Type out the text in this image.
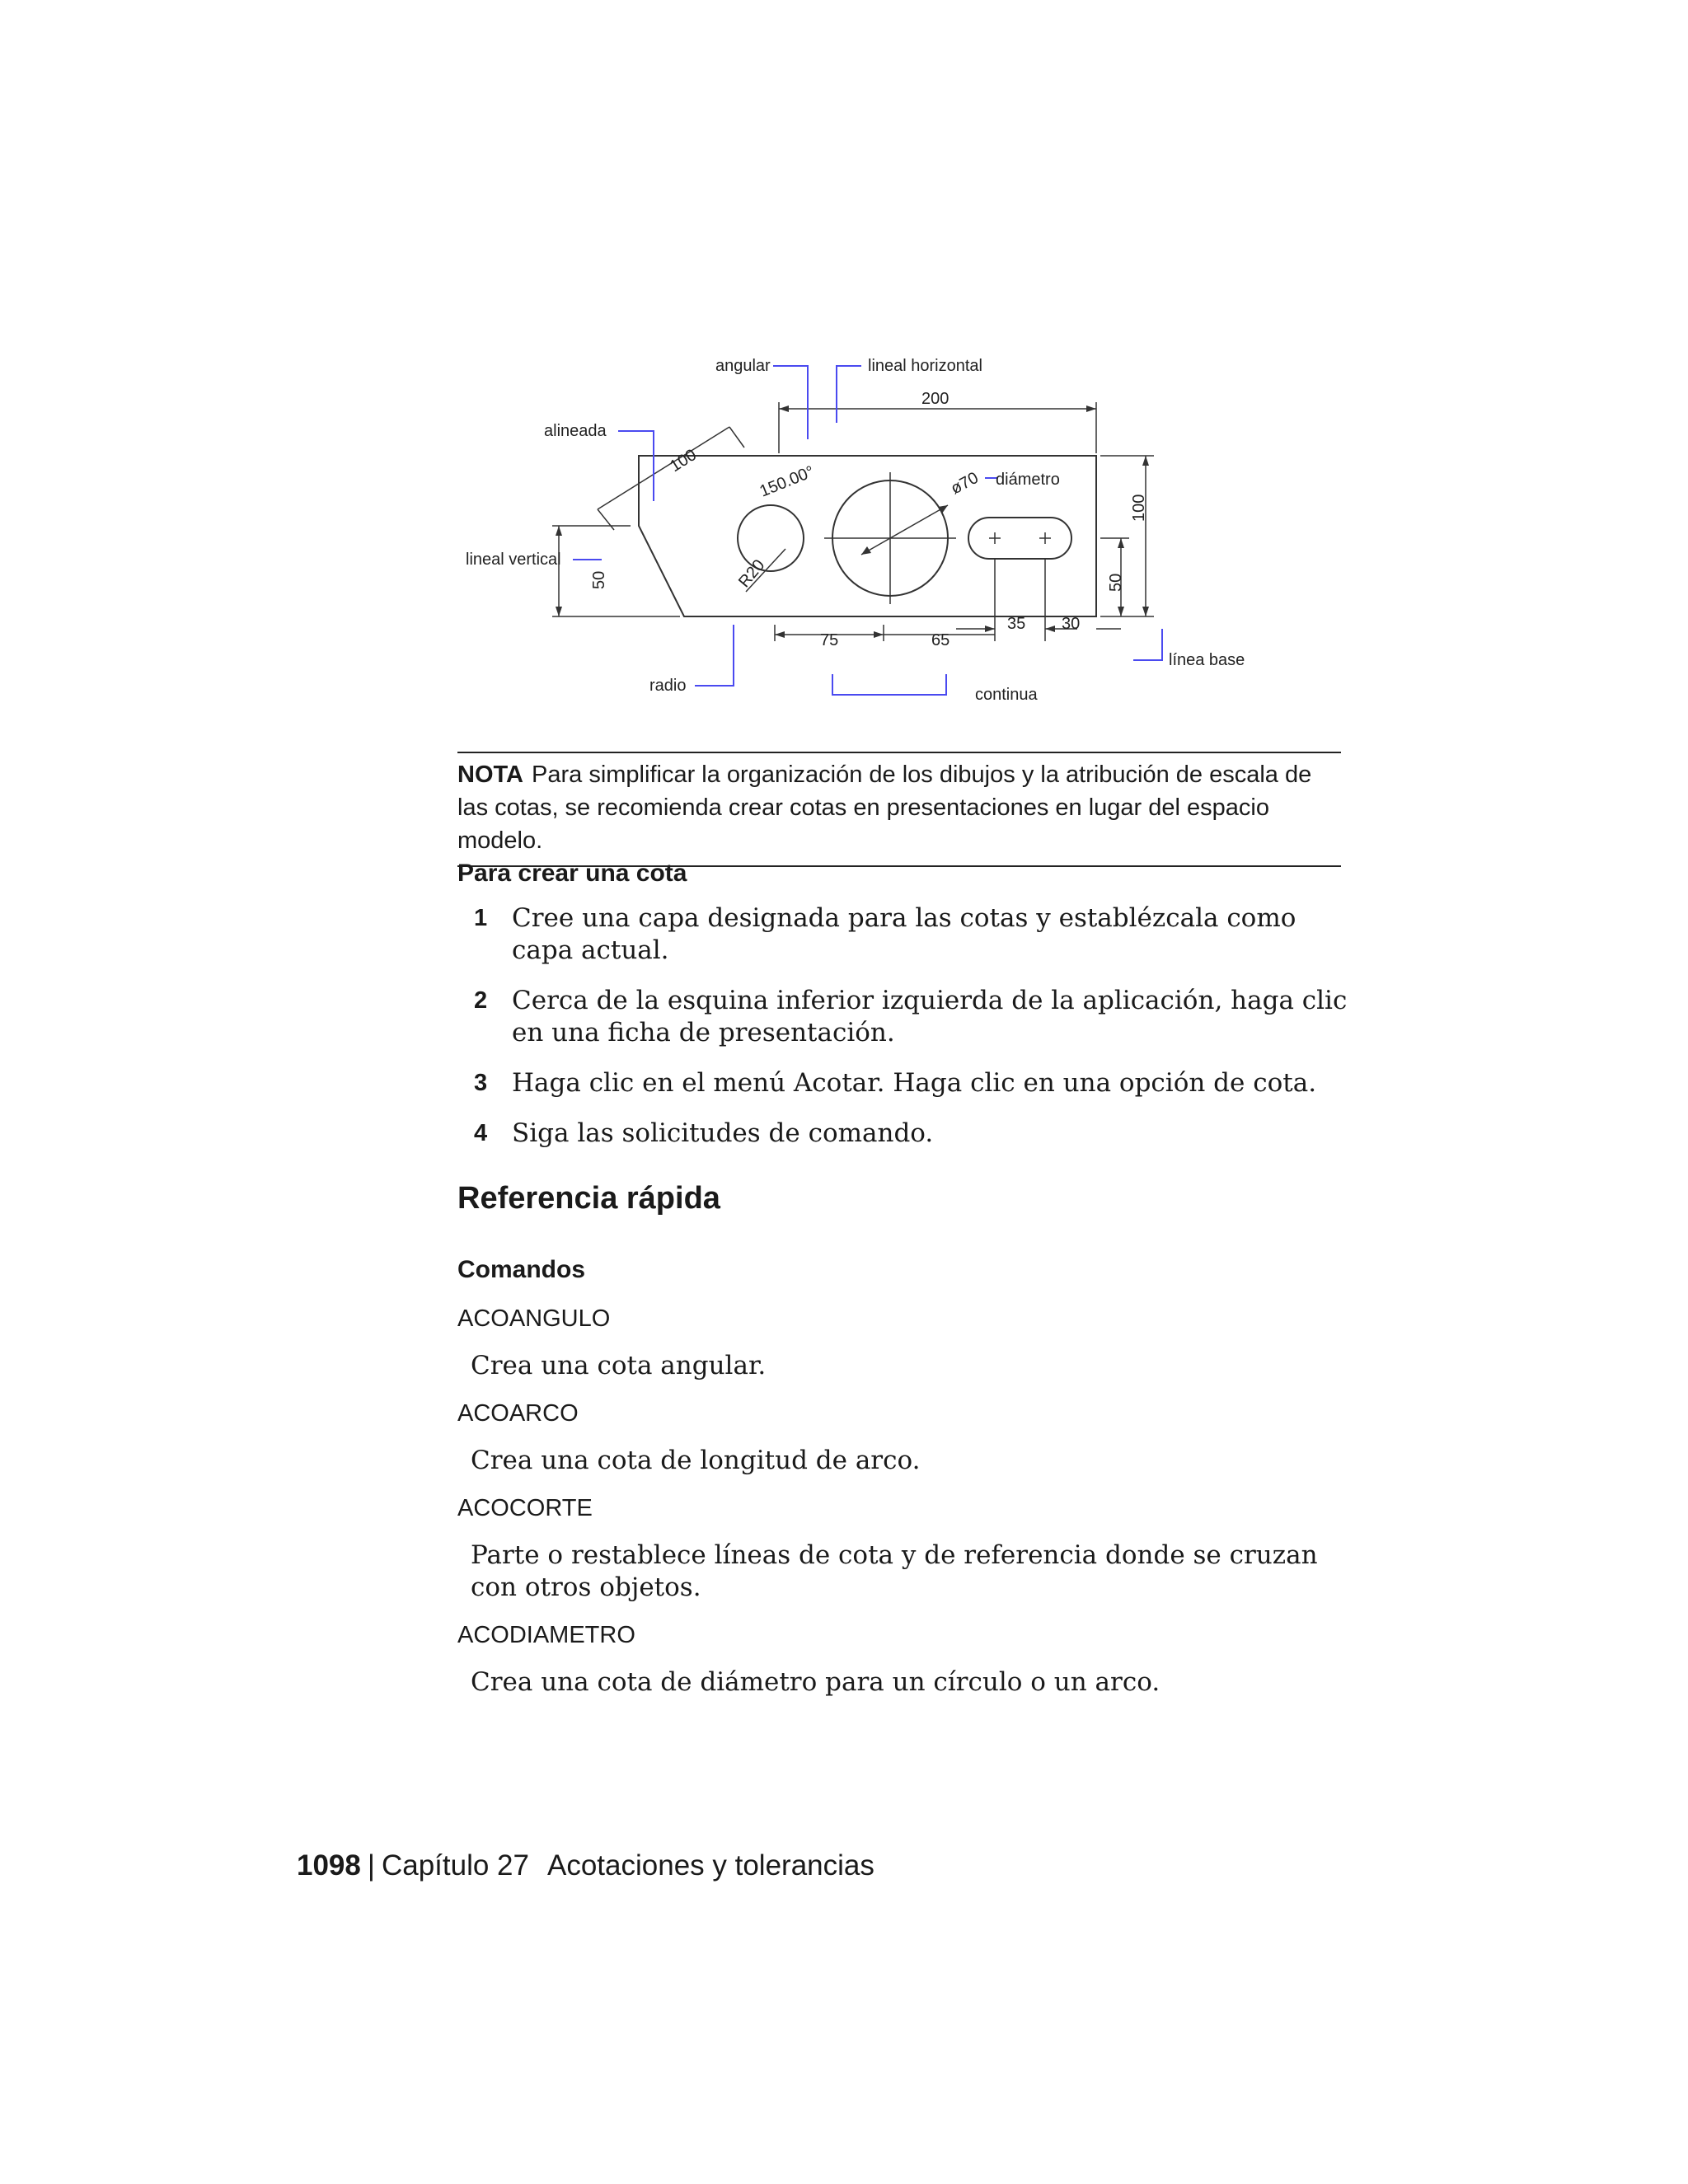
angular	lineal horizontal
alineada
diámetro
lineal vertical
radio	continua
línea base
200
100
150.00°	ø70
R20
50
75	65
35 30
50
100
NOTA Para simplificar la organización de los dibujos y la atribución de escala de las cotas, se recomienda crear cotas en presentaciones en lugar del espacio modelo.
Para crear una cota
1 Cree una capa designada para las cotas y establézcala como capa actual.
2 Cerca de la esquina inferior izquierda de la aplicación, haga clic en una ficha de presentación.
3 Haga clic en el menú Acotar. Haga clic en una opción de cota.
4 Siga las solicitudes de comando.
Referencia rápida
Comandos
ACOANGULO
Crea una cota angular.
ACOARCO
Crea una cota de longitud de arco.
ACOCORTE
Parte o restablece líneas de cota y de referencia donde se cruzan con otros objetos.
ACODIAMETRO
Crea una cota de diámetro para un círculo o un arco.
1098 | Capítulo 27 Acotaciones y tolerancias
